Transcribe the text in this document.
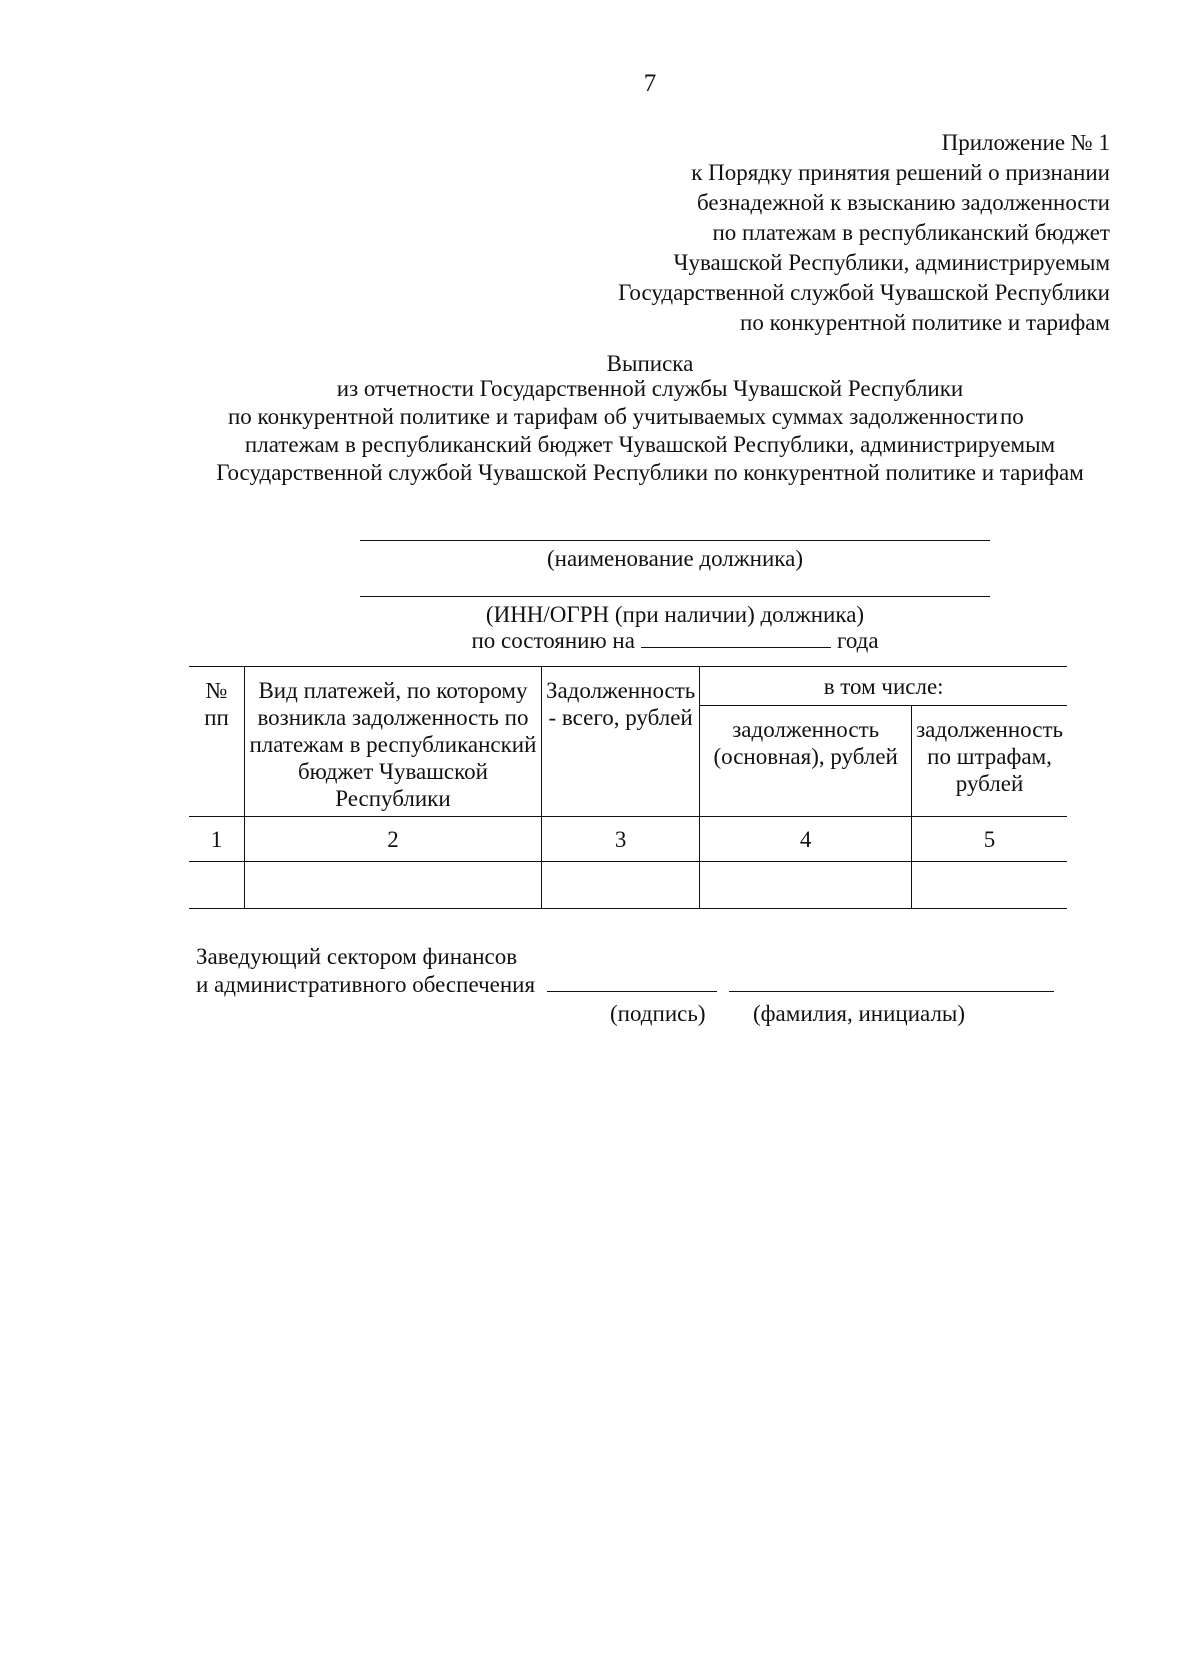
7
Приложение № 1
к Порядку принятия решений о признании
безнадежной к взысканию задолженности
по платежам в республиканский бюджет
Чувашской Республики, администрируемым
Государственной службой Чувашской Республики
по конкурентной политике и тарифам
Выписка
из отчетности Государственной службы Чувашской Республики
по конкурентной политике и тарифам об учитываемых суммах задолженности по
платежам в республиканский бюджет Чувашской Республики, администрируемым
Государственной службой Чувашской Республики по конкурентной политике и тарифам
(наименование должника)
(ИНН/ОГРН (при наличии) должника)
по состоянию на	года
№ пп	Вид платежей, по которому возникла задолженность по платежам в республиканский бюджет Чувашской Республики	Задолженность - всего, рублей	в том числе:	
			задолженность (основная), рублей	задолженность по штрафам, рублей
1	2	3	4	5

Заведующий сектором финансов
и административного обеспечения
(подпись) (фамилия, инициалы)
